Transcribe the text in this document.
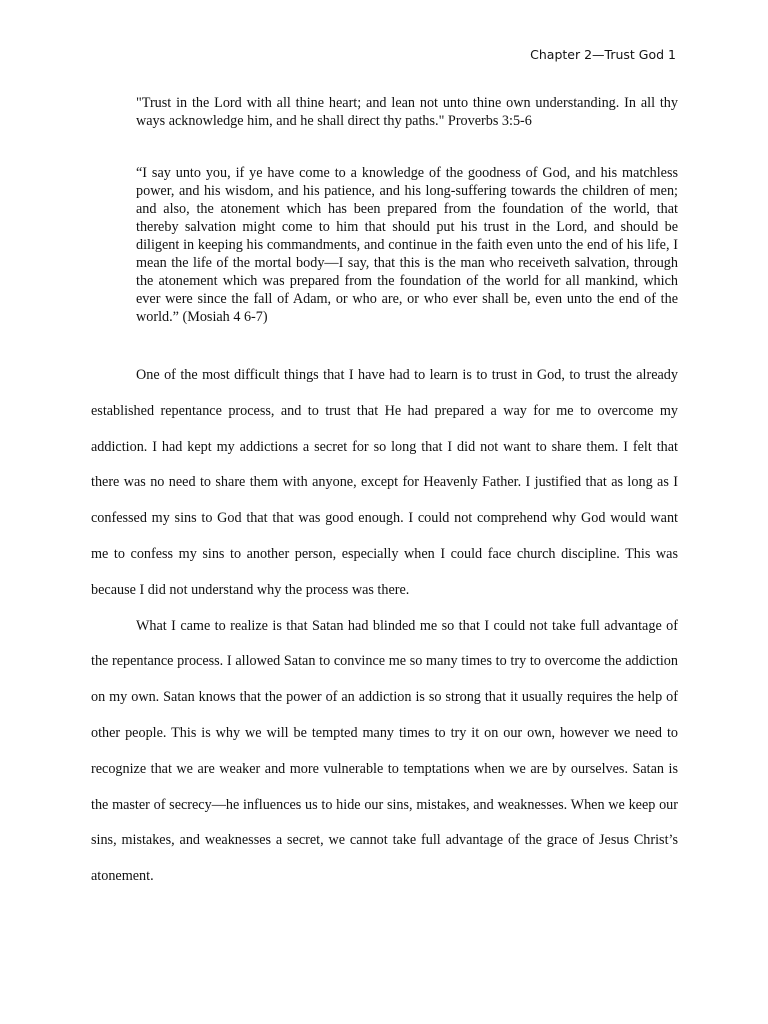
Chapter 2—Trust God 1

"Trust in the Lord with all thine heart; and lean not unto thine own understanding. In all thy ways acknowledge him, and he shall direct thy paths." Proverbs 3:5-6

“I say unto you, if ye have come to a knowledge of the goodness of God, and his matchless power, and his wisdom, and his patience, and his long-suffering towards the children of men; and also, the atonement which has been prepared from the foundation of the world, that thereby salvation might come to him that should put his trust in the Lord, and should be diligent in keeping his commandments, and continue in the faith even unto the end of his life, I mean the life of the mortal body—I say, that this is the man who receiveth salvation, through the atonement which was prepared from the foundation of the world for all mankind, which ever were since the fall of Adam, or who are, or who ever shall be, even unto the end of the world.” (Mosiah 4 6-7)

One of the most difficult things that I have had to learn is to trust in God, to trust the already established repentance process, and to trust that He had prepared a way for me to overcome my addiction. I had kept my addictions a secret for so long that I did not want to share them. I felt that there was no need to share them with anyone, except for Heavenly Father. I justified that as long as I confessed my sins to God that that was good enough. I could not comprehend why God would want me to confess my sins to another person, especially when I could face church discipline. This was because I did not understand why the process was there.

What I came to realize is that Satan had blinded me so that I could not take full advantage of the repentance process. I allowed Satan to convince me so many times to try to overcome the addiction on my own. Satan knows that the power of an addiction is so strong that it usually requires the help of other people. This is why we will be tempted many times to try it on our own, however we need to recognize that we are weaker and more vulnerable to temptations when we are by ourselves. Satan is the master of secrecy—he influences us to hide our sins, mistakes, and weaknesses. When we keep our sins, mistakes, and weaknesses a secret, we cannot take full advantage of the grace of Jesus Christ’s atonement.
